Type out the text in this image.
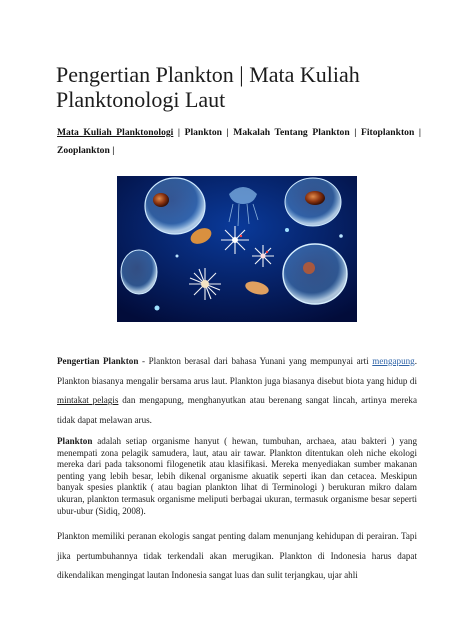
Pengertian Plankton | Mata Kuliah Planktonologi Laut
Mata Kuliah Planktonologi | Plankton | Makalah Tentang Plankton | Fitoplankton | Zooplankton |
Pengertian Plankton - Plankton berasal dari bahasa Yunani yang mempunyai arti mengapung. Plankton biasanya mengalir bersama arus laut. Plankton juga biasanya disebut biota yang hidup di mintakat pelagis dan mengapung, menghanyutkan atau berenang sangat lincah, artinya mereka tidak dapat melawan arus.
Plankton adalah setiap organisme hanyut ( hewan, tumbuhan, archaea, atau bakteri ) yang menempati zona pelagik samudera, laut, atau air tawar. Plankton ditentukan oleh niche ekologi mereka dari pada taksonomi filogenetik atau klasifikasi. Mereka menyediakan sumber makanan penting yang lebih besar, lebih dikenal organisme akuatik seperti ikan dan cetacea. Meskipun banyak spesies planktik ( atau bagian plankton lihat di Terminologi ) berukuran mikro dalam ukuran, plankton termasuk organisme meliputi berbagai ukuran, termasuk organisme besar seperti ubur-ubur (Sidiq, 2008).
Plankton memiliki peranan ekologis sangat penting dalam menunjang kehidupan di perairan. Tapi jika pertumbuhannya tidak terkendali akan merugikan. Plankton di Indonesia harus dapat dikendalikan mengingat lautan Indonesia sangat luas dan sulit terjangkau, ujar ahli
